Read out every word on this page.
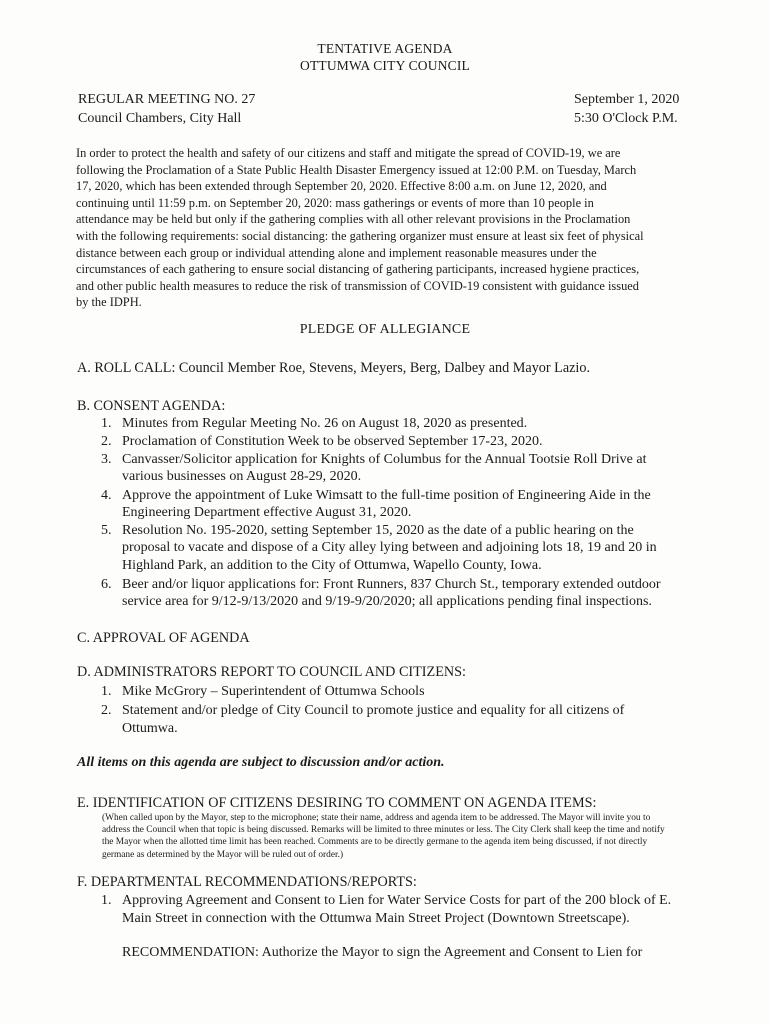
TENTATIVE AGENDA
OTTUMWA CITY COUNCIL
REGULAR MEETING NO. 27
Council Chambers, City Hall
September 1, 2020
5:30 O'Clock P.M.
In order to protect the health and safety of our citizens and staff and mitigate the spread of COVID-19, we are
following the Proclamation of a State Public Health Disaster Emergency issued at 12:00 P.M. on Tuesday, March
17, 2020, which has been extended through September 20, 2020. Effective 8:00 a.m. on June 12, 2020, and
continuing until 11:59 p.m. on September 20, 2020: mass gatherings or events of more than 10 people in
attendance may be held but only if the gathering complies with all other relevant provisions in the Proclamation
with the following requirements: social distancing: the gathering organizer must ensure at least six feet of physical
distance between each group or individual attending alone and implement reasonable measures under the
circumstances of each gathering to ensure social distancing of gathering participants, increased hygiene practices,
and other public health measures to reduce the risk of transmission of COVID-19 consistent with guidance issued
by the IDPH.
PLEDGE OF ALLEGIANCE
A. ROLL CALL: Council Member Roe, Stevens, Meyers, Berg, Dalbey and Mayor Lazio.
B. CONSENT AGENDA:
1. Minutes from Regular Meeting No. 26 on August 18, 2020 as presented.
2. Proclamation of Constitution Week to be observed September 17-23, 2020.
3. Canvasser/Solicitor application for Knights of Columbus for the Annual Tootsie Roll Drive at
various businesses on August 28-29, 2020.
4. Approve the appointment of Luke Wimsatt to the full-time position of Engineering Aide in the
Engineering Department effective August 31, 2020.
5. Resolution No. 195-2020, setting September 15, 2020 as the date of a public hearing on the
proposal to vacate and dispose of a City alley lying between and adjoining lots 18, 19 and 20 in
Highland Park, an addition to the City of Ottumwa, Wapello County, Iowa.
6. Beer and/or liquor applications for: Front Runners, 837 Church St., temporary extended outdoor
service area for 9/12-9/13/2020 and 9/19-9/20/2020; all applications pending final inspections.
C. APPROVAL OF AGENDA
D. ADMINISTRATORS REPORT TO COUNCIL AND CITIZENS:
1. Mike McGrory – Superintendent of Ottumwa Schools
2. Statement and/or pledge of City Council to promote justice and equality for all citizens of
Ottumwa.
All items on this agenda are subject to discussion and/or action.
E. IDENTIFICATION OF CITIZENS DESIRING TO COMMENT ON AGENDA ITEMS:
(When called upon by the Mayor, step to the microphone; state their name, address and agenda item to be addressed. The Mayor will invite you to
address the Council when that topic is being discussed. Remarks will be limited to three minutes or less. The City Clerk shall keep the time and notify
the Mayor when the allotted time limit has been reached. Comments are to be directly germane to the agenda item being discussed, if not directly
germane as determined by the Mayor will be ruled out of order.)
F. DEPARTMENTAL RECOMMENDATIONS/REPORTS:
1. Approving Agreement and Consent to Lien for Water Service Costs for part of the 200 block of E.
Main Street in connection with the Ottumwa Main Street Project (Downtown Streetscape).
RECOMMENDATION: Authorize the Mayor to sign the Agreement and Consent to Lien for
